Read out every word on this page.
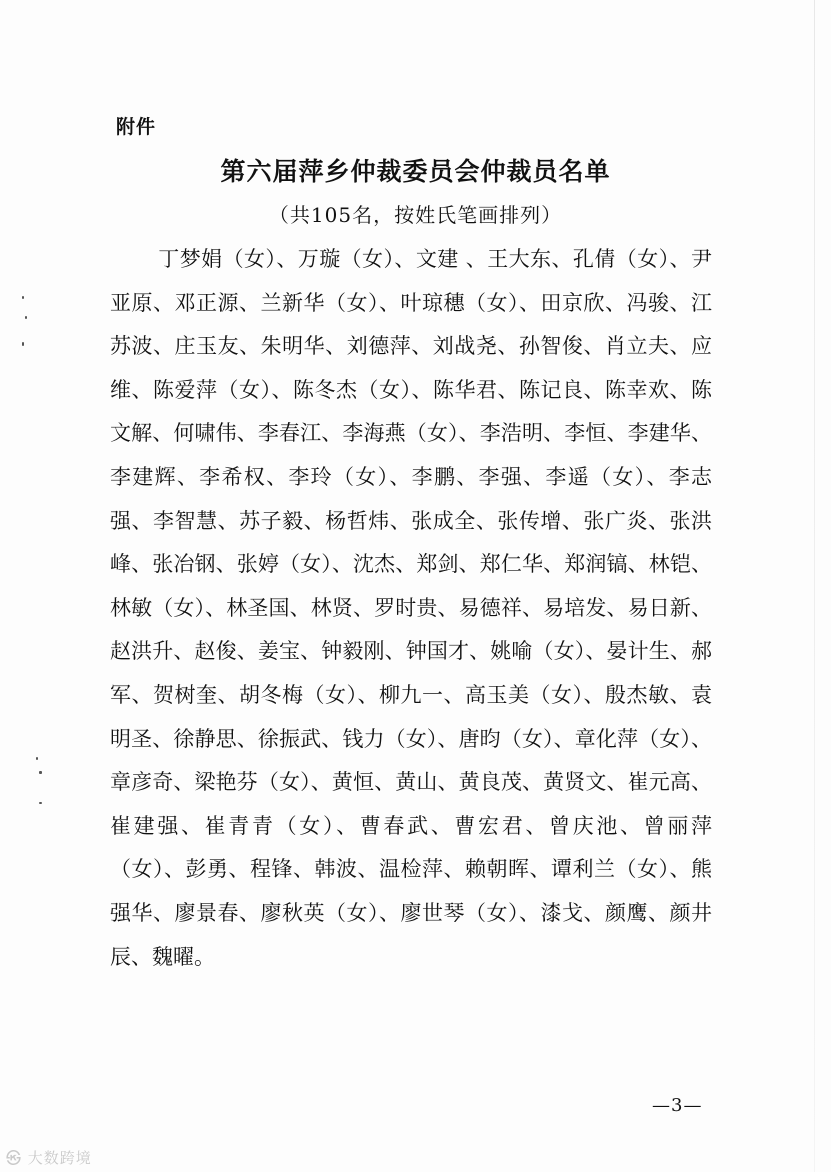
附件
第六届萍乡仲裁委员会仲裁员名单
（共105名，按姓氏笔画排列）

丁梦娟（女）、万璇（女）、文建 、王大东、孔倩（女）、尹亚原、邓正源、兰新华（女）、叶琼穗（女）、田京欣、冯骏、江苏波、庄玉友、朱明华、刘德萍、刘战尧、孙智俊、肖立夫、应维、陈爱萍（女）、陈冬杰（女）、陈华君、陈记良、陈幸欢、陈文解、何啸伟、李春江、李海燕（女）、李浩明、李恒、李建华、李建辉、李希权、李玲（女）、李鹏、李强、李遥（女）、李志强、李智慧、苏子毅、杨哲炜、张成全、张传增、张广炎、张洪峰、张冶钢、张婷（女）、沈杰、郑剑、郑仁华、郑润镐、林铠、林敏（女）、林圣国、林贤、罗时贵、易德祥、易培发、易日新、赵洪升、赵俊、姜宝、钟毅刚、钟国才、姚喻（女）、晏计生、郝军、贺树奎、胡冬梅（女）、柳九一、高玉美（女）、殷杰敏、袁明圣、徐静思、徐振武、钱力（女）、唐昀（女）、章化萍（女）、章彦奇、梁艳芬（女）、黄恒、黄山、黄良茂、黄贤文、崔元高、崔建强、崔青青（女）、曹春武、曹宏君、曾庆池、曾丽萍（女）、彭勇、程锋、韩波、温检萍、赖朝晖、谭利兰（女）、熊强华、廖景春、廖秋英（女）、廖世琴（女）、漆戈、颜鹰、颜井辰、魏曜。

—3—
㉿ 大数跨境
